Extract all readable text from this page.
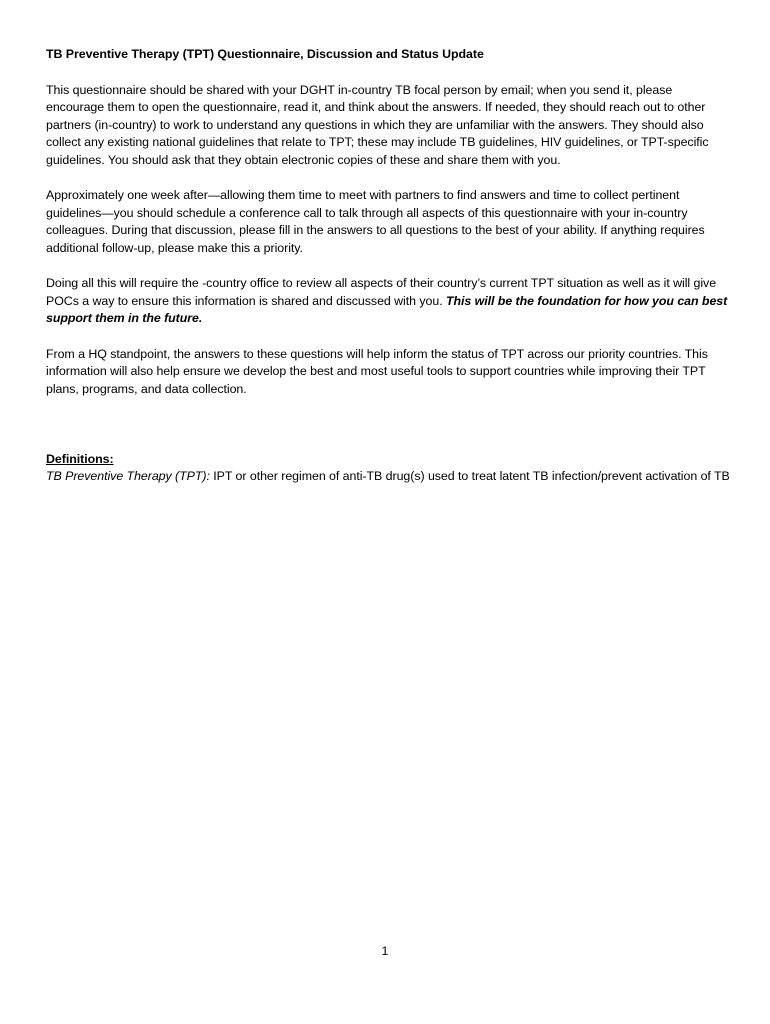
TB Preventive Therapy (TPT) Questionnaire, Discussion and Status Update

This questionnaire should be shared with your DGHT in-country TB focal person by email; when you send it, please encourage them to open the questionnaire, read it, and think about the answers. If needed, they should reach out to other partners (in-country) to work to understand any questions in which they are unfamiliar with the answers. They should also collect any existing national guidelines that relate to TPT; these may include TB guidelines, HIV guidelines, or TPT-specific guidelines. You should ask that they obtain electronic copies of these and share them with you.

Approximately one week after—allowing them time to meet with partners to find answers and time to collect pertinent guidelines—you should schedule a conference call to talk through all aspects of this questionnaire with your in-country colleagues. During that discussion, please fill in the answers to all questions to the best of your ability. If anything requires additional follow-up, please make this a priority.

Doing all this will require the -country office to review all aspects of their country’s current TPT situation as well as it will give POCs a way to ensure this information is shared and discussed with you. This will be the foundation for how you can best support them in the future.

From a HQ standpoint, the answers to these questions will help inform the status of TPT across our priority countries. This information will also help ensure we develop the best and most useful tools to support countries while improving their TPT plans, programs, and data collection.

Definitions:

TB Preventive Therapy (TPT): IPT or other regimen of anti-TB drug(s) used to treat latent TB infection/prevent activation of TB

1
